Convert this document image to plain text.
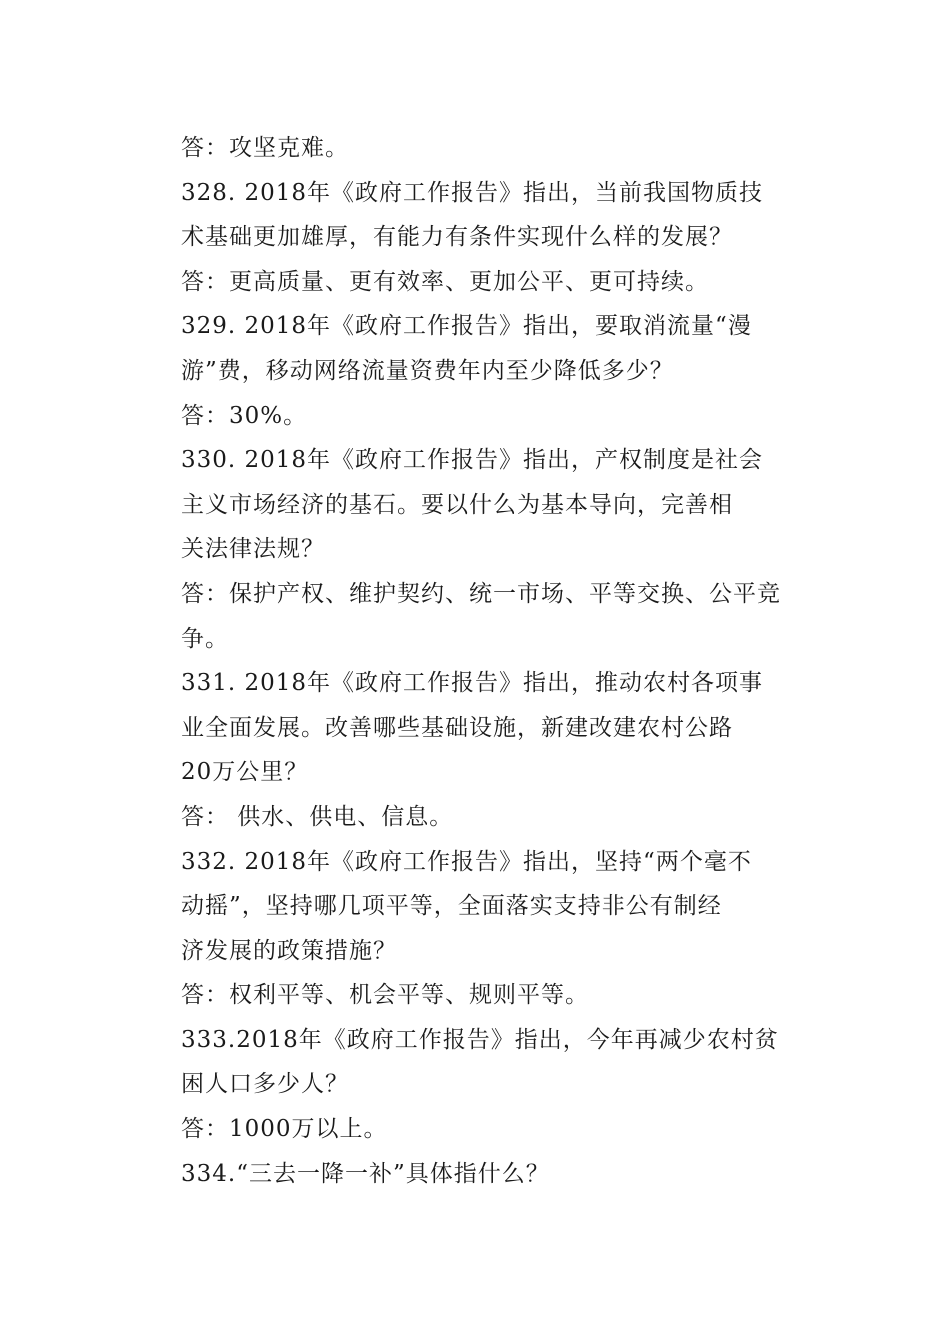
答：攻坚克难。
328. 2018年《政府工作报告》指出，当前我国物质技
术基础更加雄厚，有能力有条件实现什么样的发展？
答：更高质量、更有效率、更加公平、更可持续。
329. 2018年《政府工作报告》指出，要取消流量“漫
游”费，移动网络流量资费年内至少降低多少？
答：30%。
330. 2018年《政府工作报告》指出，产权制度是社会
主义市场经济的基石。要以什么为基本导向，完善相
关法律法规？
答：保护产权、维护契约、统一市场、平等交换、公平竞
争。
331. 2018年《政府工作报告》指出，推动农村各项事
业全面发展。改善哪些基础设施，新建改建农村公路
20万公里？
答： 供水、供电、信息。
332. 2018年《政府工作报告》指出，坚持“两个毫不
动摇”，坚持哪几项平等，全面落实支持非公有制经
济发展的政策措施？
答：权利平等、机会平等、规则平等。
333.2018年《政府工作报告》指出，今年再减少农村贫
困人口多少人？
答：1000万以上。
334.“三去一降一补”具体指什么？
